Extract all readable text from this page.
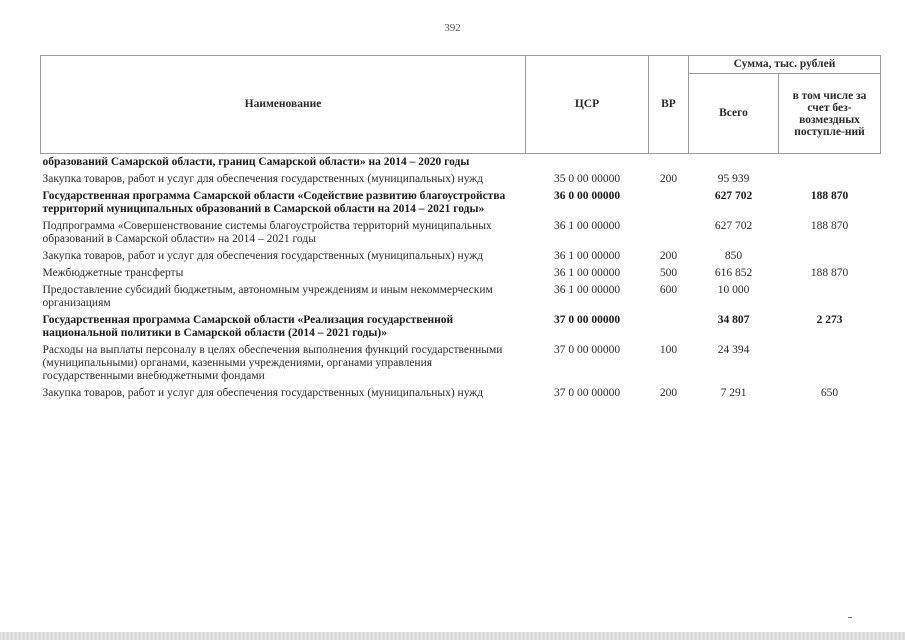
392
Наименование	ЦСР	ВР	Сумма, тыс. рублей	
			Всего	в том числе за счет без-возмездных поступле-ний
образований Самарской области, границ Самарской области» на 2014 – 2020 годы				
Закупка товаров, работ и услуг для обеспечения государственных (муниципальных) нужд	35 0 00 00000	200	95 939	
Государственная программа Самарской области «Содействие развитию благоустройства территорий муниципальных образований в Самарской области на 2014 – 2021 годы»	36 0 00 00000		627 702	188 870
Подпрограмма «Совершенствование системы благоустройства территорий муниципальных образований в Самарской области» на 2014 – 2021 годы	36 1 00 00000		627 702	188 870
Закупка товаров, работ и услуг для обеспечения государственных (муниципальных) нужд	36 1 00 00000	200	850	
Межбюджетные трансферты	36 1 00 00000	500	616 852	188 870
Предоставление субсидий бюджетным, автономным учреждениям и иным некоммерческим организациям	36 1 00 00000	600	10 000	
Государственная программа Самарской области «Реализация государственной национальной политики в Самарской области (2014 – 2021 годы)»	37 0 00 00000		34 807	2 273
Расходы на выплаты персоналу в целях обеспечения выполнения функций государственными (муниципальными) органами, казенными учреждениями, органами управления государственными внебюджетными фондами	37 0 00 00000	100	24 394	
Закупка товаров, работ и услуг для обеспечения государственных (муниципальных) нужд	37 0 00 00000	200	7 291	650
